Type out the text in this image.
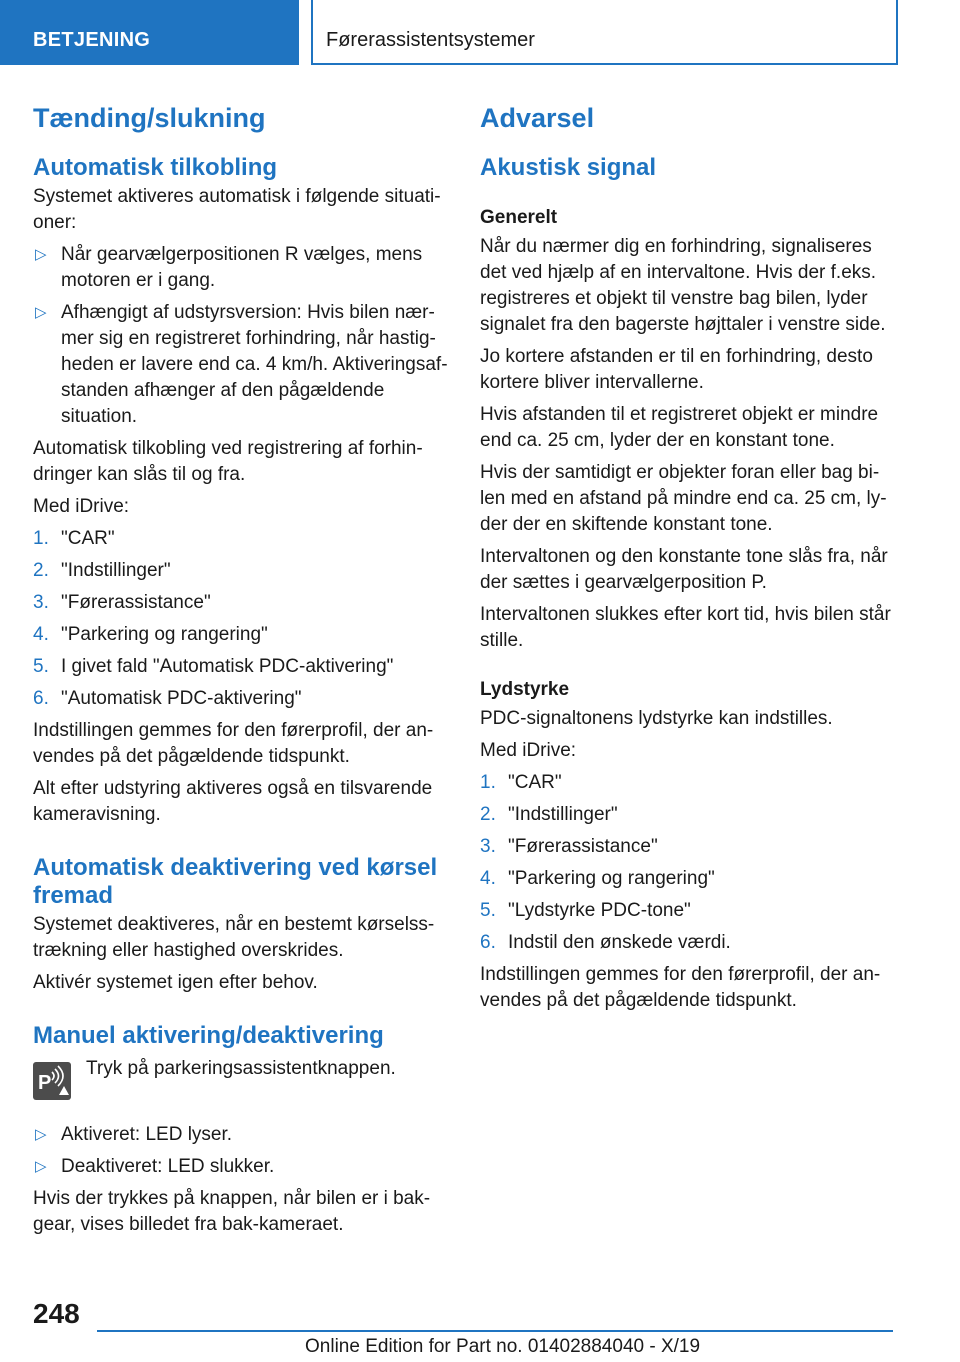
BETJENING	Førerassistentsystemer
Tænding/slukning
Automatisk tilkobling

Systemet aktiveres automatisk i følgende situati-oner:

▷ Når gearvælgerpositionen R vælges, mens motoren er i gang.
▷ Afhængigt af udstyrsversion: Hvis bilen nær-mer sig en registreret forhindring, når hastig-heden er lavere end ca. 4 km/h. Aktiveringsaf-standen afhænger af den pågældende situation.

Automatisk tilkobling ved registrering af forhin-dringer kan slås til og fra.

Med iDrive:

1. "CAR"
2. "Indstillinger"
3. "Førerassistance"
4. "Parkering og rangering"
5. I givet fald "Automatisk PDC-aktivering"
6. "Automatisk PDC-aktivering"

Indstillingen gemmes for den førerprofil, der an-vendes på det pågældende tidspunkt.

Alt efter udstyring aktiveres også en tilsvarende kameravisning.

Automatisk deaktivering ved kørsel fremad

Systemet deaktiveres, når en bestemt kørselss-trækning eller hastighed overskrides.

Aktivér systemet igen efter behov.

Manuel aktivering/deaktivering
P

Tryk på parkeringsassistentknappen.

▷ Aktiveret: LED lyser.
▷ Deaktiveret: LED slukker.

Hvis der trykkes på knappen, når bilen er i bak-gear, vises billedet fra bak-kameraet.

Advarsel
Akustisk signal
Generelt

Når du nærmer dig en forhindring, signaliseres det ved hjælp af en intervaltone. Hvis der f.eks. registreres et objekt til venstre bag bilen, lyder signalet fra den bagerste højttaler i venstre side.

Jo kortere afstanden er til en forhindring, desto kortere bliver intervallerne.

Hvis afstanden til et registreret objekt er mindre end ca. 25 cm, lyder der en konstant tone.

Hvis der samtidigt er objekter foran eller bag bi-len med en afstand på mindre end ca. 25 cm, ly-der der en skiftende konstant tone.

Intervaltonen og den konstante tone slås fra, når der sættes i gearvælgerposition P.

Intervaltonen slukkes efter kort tid, hvis bilen står stille.

Lydstyrke

PDC-signaltonens lydstyrke kan indstilles.

Med iDrive:

1. "CAR"
2. "Indstillinger"
3. "Førerassistance"
4. "Parkering og rangering"
5. "Lydstyrke PDC-tone"
6. Indstil den ønskede værdi.

Indstillingen gemmes for den førerprofil, der an-vendes på det pågældende tidspunkt.

248
Online Edition for Part no. 01402884040 - X/19
